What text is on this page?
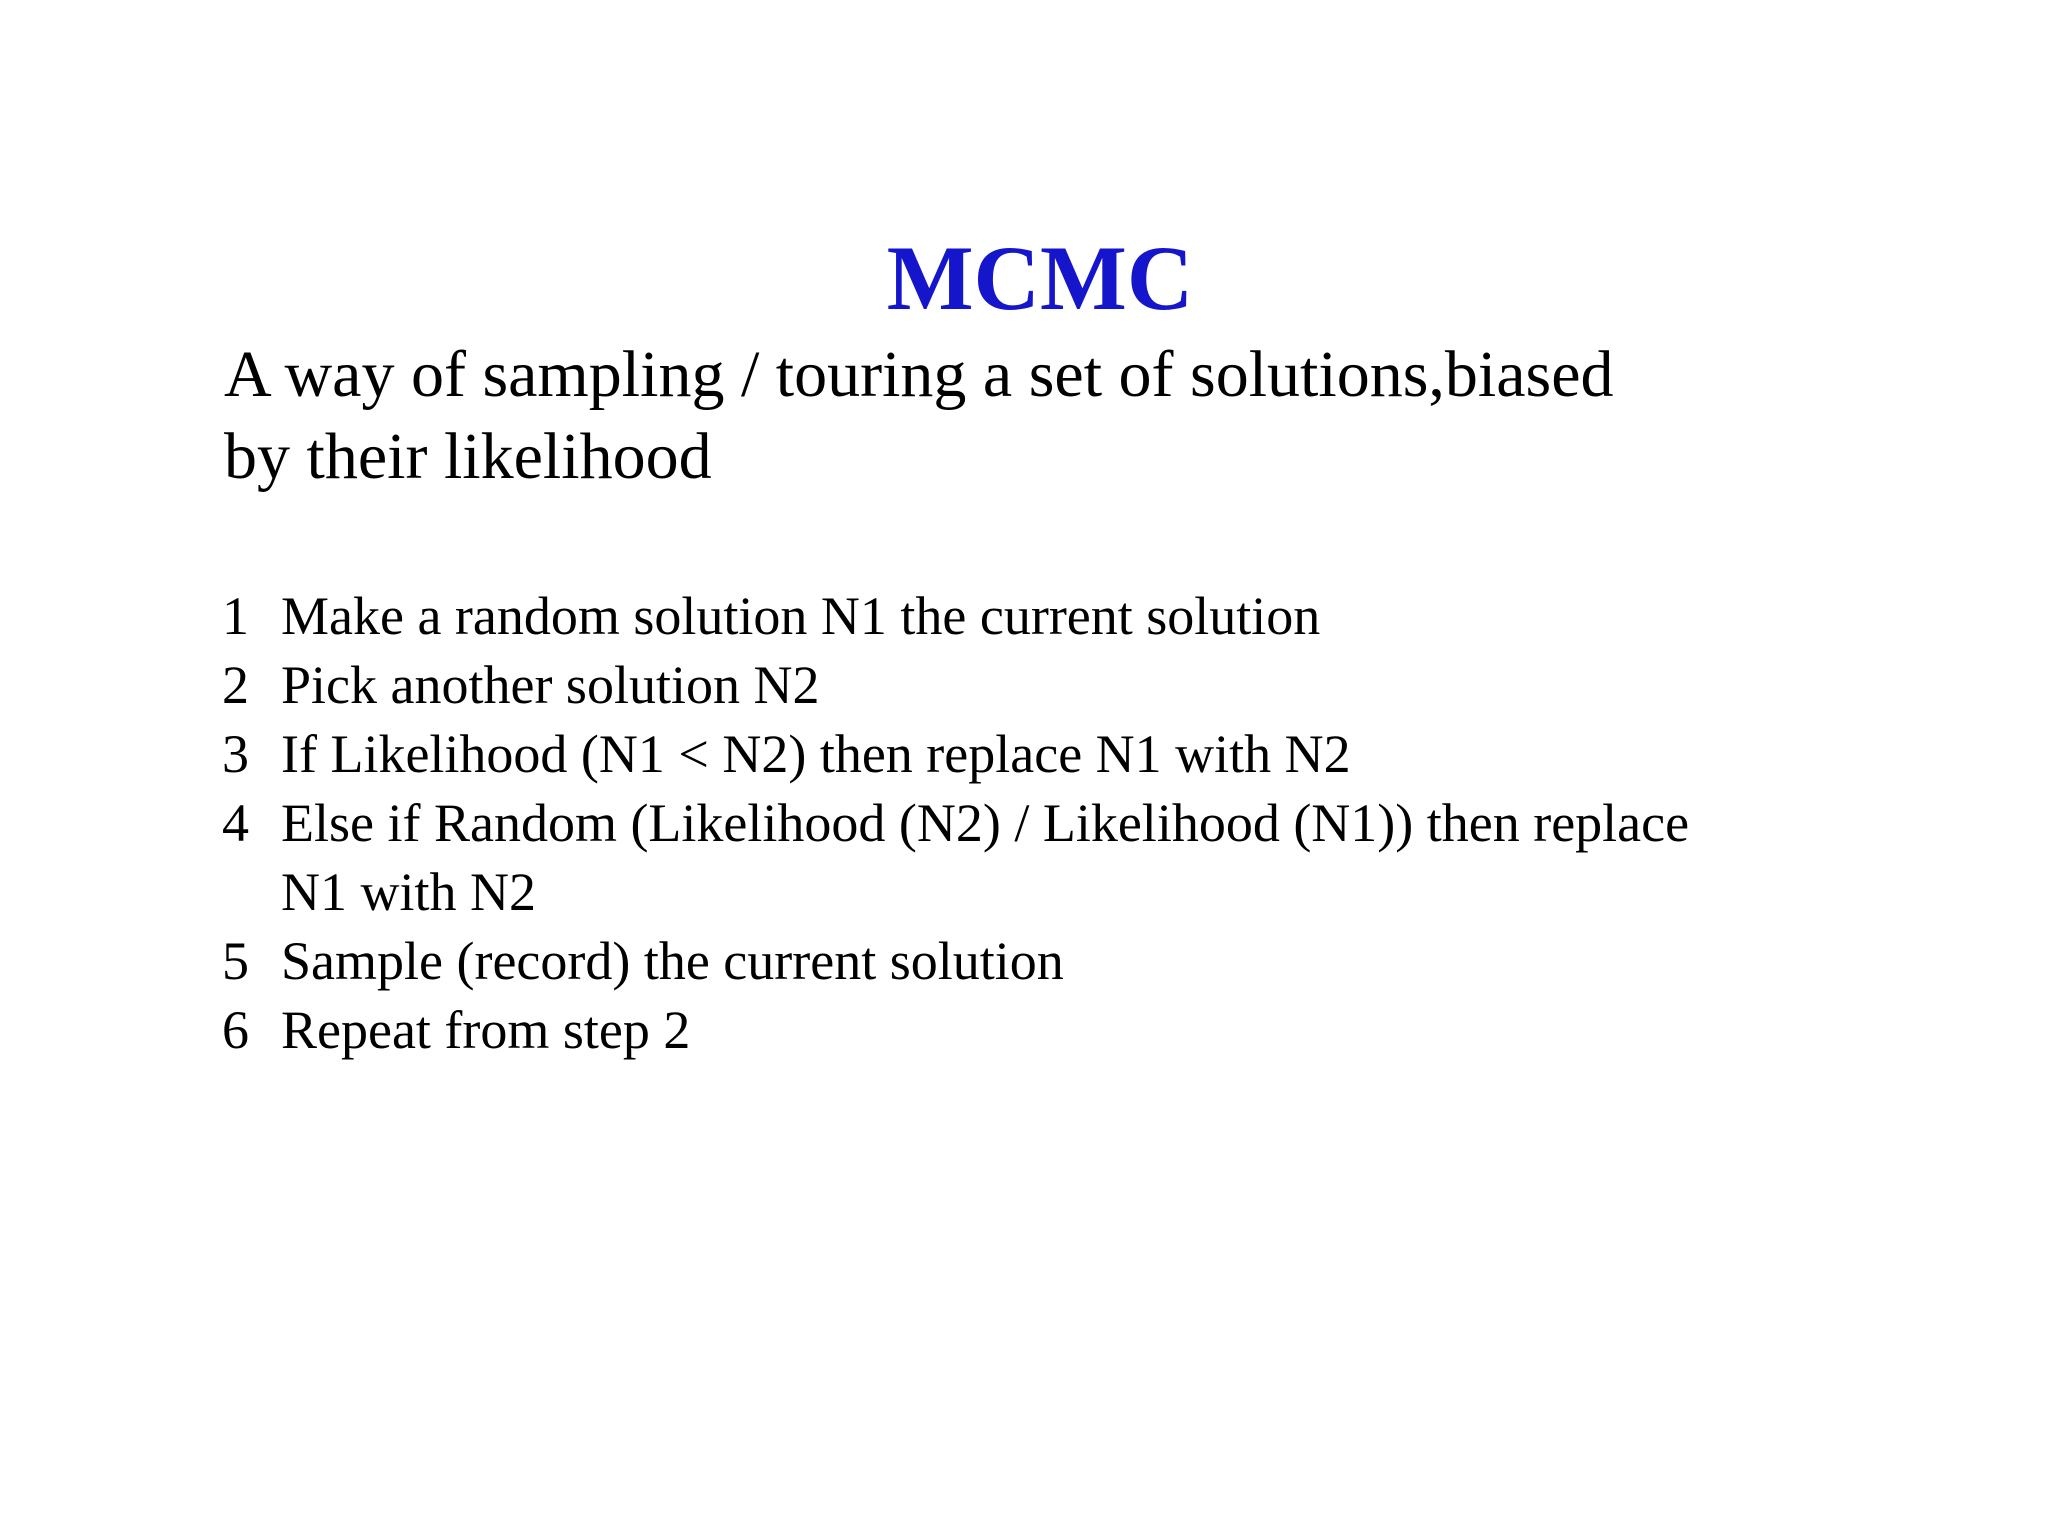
MCMC

A way of sampling / touring a set of solutions,biased
by their likelihood

1 Make a random solution N1 the current solution
2 Pick another solution N2
3 If Likelihood (N1 < N2) then replace N1 with N2
4 Else if Random (Likelihood (N2) / Likelihood (N1)) then replace
N1 with N2
5 Sample (record) the current solution
6 Repeat from step 2
